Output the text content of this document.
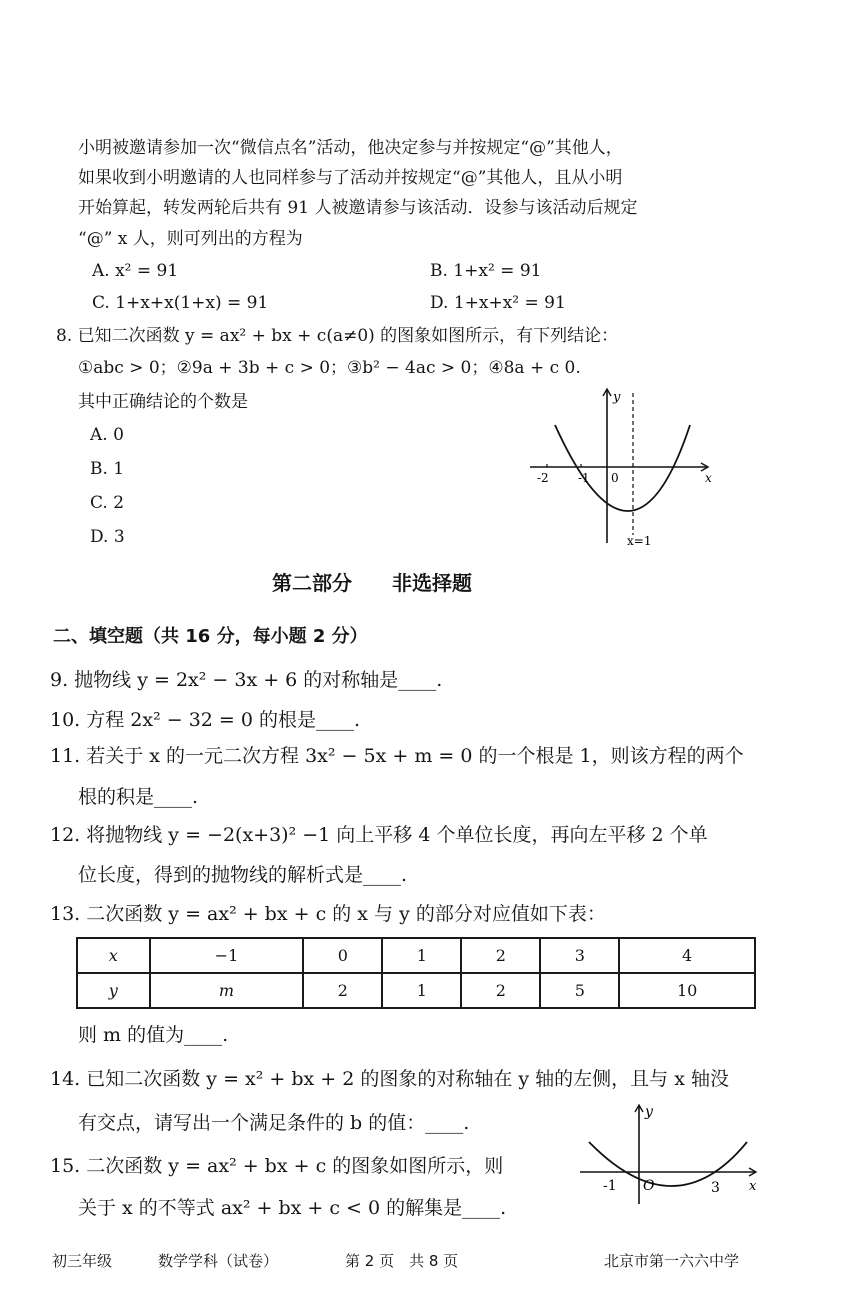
小明被邀请参加一次“微信点名”活动，他决定参与并按规定“@”其他人，
如果收到小明邀请的人也同样参与了活动并按规定“@”其他人，且从小明
开始算起，转发两轮后共有 91 人被邀请参与该活动．设参与该活动后规定
“@” x 人，则可列出的方程为
A. x² = 91	B. 1+x² = 91
C. 1+x+x(1+x) = 91	D. 1+x+x² = 91
8. 已知二次函数 y = ax² + bx + c(a≠0) 的图象如图所示，有下列结论：
①abc > 0；②9a + 3b + c > 0；③b² − 4ac > 0；④8a + c 0.
其中正确结论的个数是
A. 0
B. 1
C. 2
D. 3
y
x
-2 -1 0
x=1
第二部分　　非选择题
二、填空题（共 16 分，每小题 2 分）
9. 抛物线 y = 2x² − 3x + 6 的对称轴是____.
10. 方程 2x² − 32 = 0 的根是____.
11. 若关于 x 的一元二次方程 3x² − 5x + m = 0 的一个根是 1，则该方程的两个
根的积是____.
12. 将抛物线 y = −2(x+3)² −1 向上平移 4 个单位长度，再向左平移 2 个单
位长度，得到的抛物线的解析式是____.
13. 二次函数 y = ax² + bx + c 的 x 与 y 的部分对应值如下表：
x	−1	0	1	2	3	4
y	m	2	1	2	5	10
则 m 的值为____.
14. 已知二次函数 y = x² + bx + 2 的图象的对称轴在 y 轴的左侧，且与 x 轴没
有交点，请写出一个满足条件的 b 的值：____.
15. 二次函数 y = ax² + bx + c 的图象如图所示，则
关于 x 的不等式 ax² + bx + c < 0 的解集是____.
y
x
-1 O	3
初三年级	数学学科（试卷）	第 2 页　共 8 页	北京市第一六六中学
